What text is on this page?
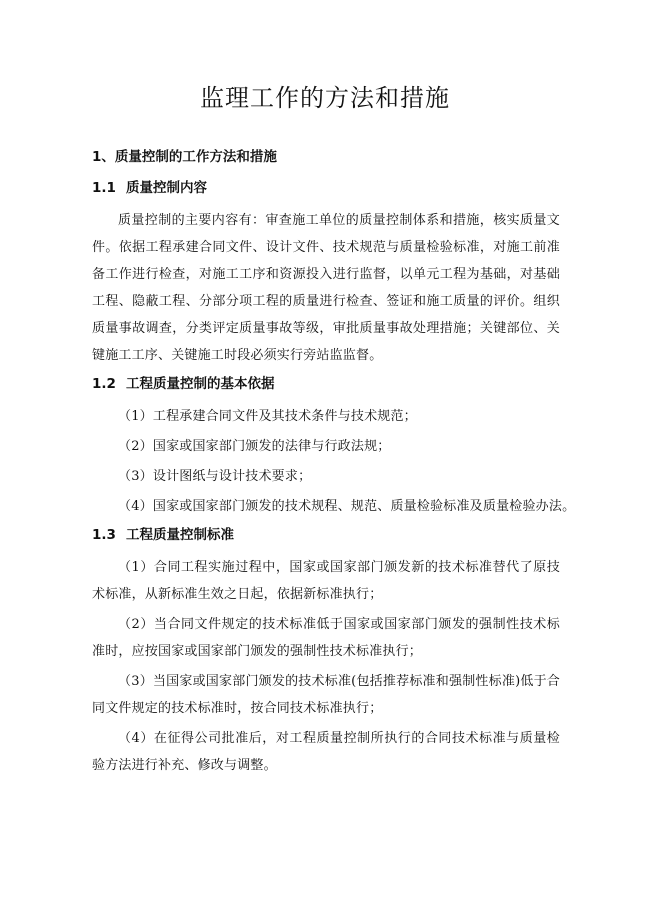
监理工作的方法和措施
1、质量控制的工作方法和措施
1.1 质量控制内容

质量控制的主要内容有：审查施工单位的质量控制体系和措施，核实质量文件。依据工程承建合同文件、设计文件、技术规范与质量检验标准，对施工前准备工作进行检查，对施工工序和资源投入进行监督，以单元工程为基础，对基础工程、隐蔽工程、分部分项工程的质量进行检查、签证和施工质量的评价。组织质量事故调查，分类评定质量事故等级，审批质量事故处理措施；关键部位、关键施工工序、关键施工时段必须实行旁站监监督。

1.2 工程质量控制的基本依据

（1）工程承建合同文件及其技术条件与技术规范；

（2）国家或国家部门颁发的法律与行政法规；

（3）设计图纸与设计技术要求；

（4）国家或国家部门颁发的技术规程、规范、质量检验标准及质量检验办法。

1.3 工程质量控制标准

（1）合同工程实施过程中，国家或国家部门颁发新的技术标准替代了原技术标准，从新标准生效之日起，依据新标准执行；

（2）当合同文件规定的技术标准低于国家或国家部门颁发的强制性技术标准时，应按国家或国家部门颁发的强制性技术标准执行；

（3）当国家或国家部门颁发的技术标准(包括推荐标准和强制性标准)低于合同文件规定的技术标准时，按合同技术标准执行；

（4）在征得公司批准后，对工程质量控制所执行的合同技术标准与质量检验方法进行补充、修改与调整。
